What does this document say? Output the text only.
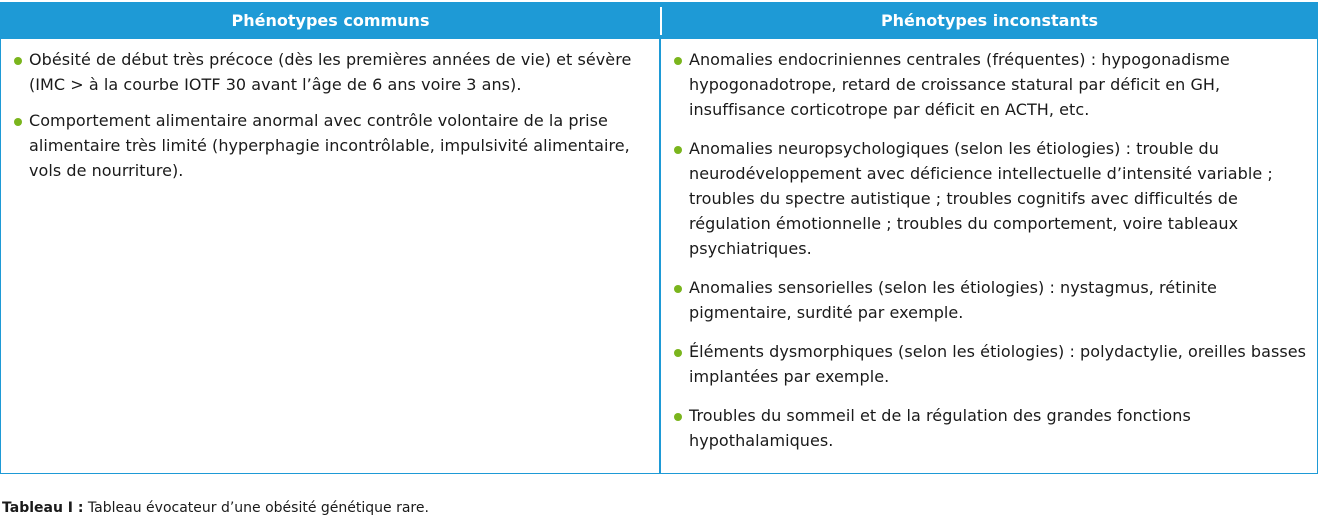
Phénotypes communs	Phénotypes inconstants
Obésité de début très précoce (dès les premières années de vie) et sévère (IMC > à la courbe IOTF 30 avant l’âge de 6 ans voire 3 ans).
Comportement alimentaire anormal avec contrôle volontaire de la prise alimentaire très limité (hyperphagie incontrôlable, impulsivité alimentaire, vols de nourriture).
Anomalies endocriniennes centrales (fréquentes) : hypogonadisme hypogonadotrope, retard de croissance statural par déficit en GH, insuffisance corticotrope par déficit en ACTH, etc.
Anomalies neuropsychologiques (selon les étiologies) : trouble du neurodéveloppement avec déficience intellectuelle d’intensité variable ; troubles du spectre autistique ; troubles cognitifs avec difficultés de régulation émotionnelle ; troubles du comportement, voire tableaux psychiatriques.
Anomalies sensorielles (selon les étiologies) : nystagmus, rétinite pigmentaire, surdité par exemple.
Éléments dysmorphiques (selon les étiologies) : polydactylie, oreilles basses implantées par exemple.
Troubles du sommeil et de la régulation des grandes fonctions hypothalamiques.
Tableau I : Tableau évocateur d’une obésité génétique rare.
